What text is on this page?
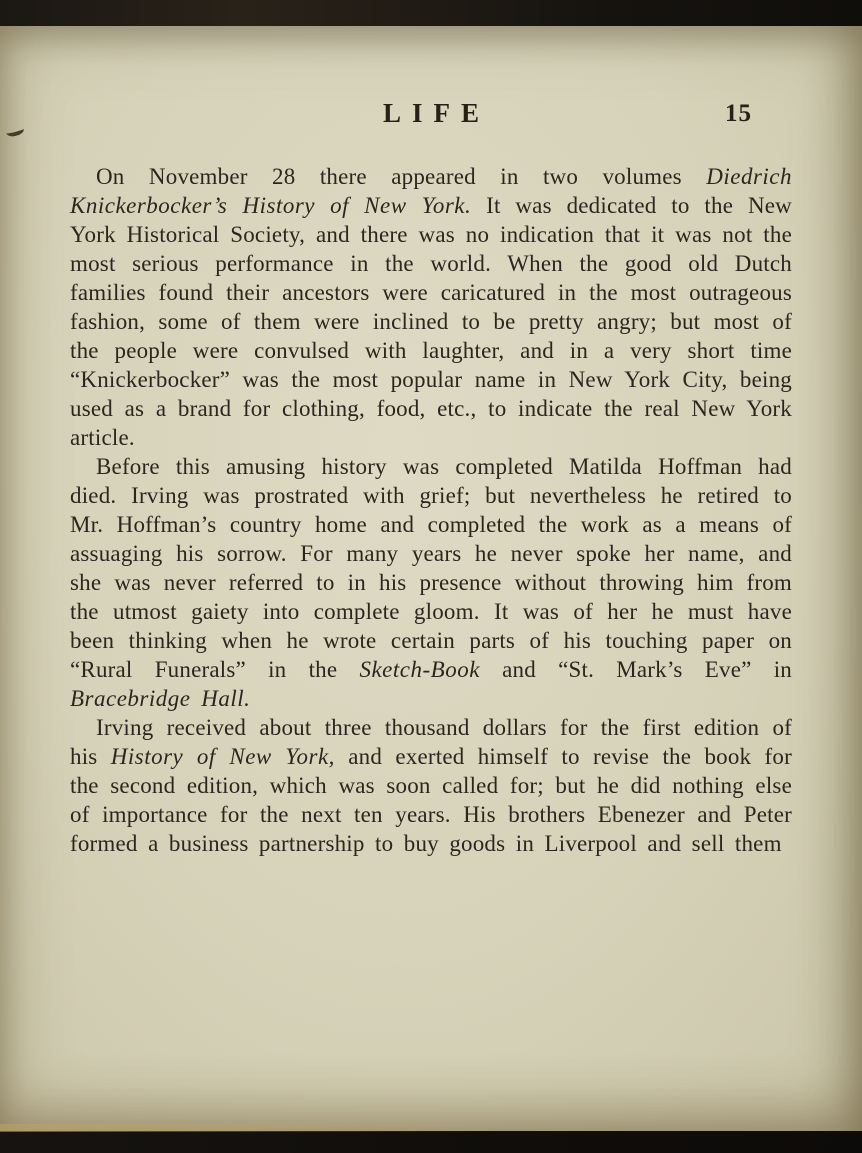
LIFE	15

On November 28 there appeared in two volumes Diedrich Knickerbocker’s History of New York. It was dedicated to the New York Historical Society, and there was no indication that it was not the most serious performance in the world. When the good old Dutch families found their ancestors were caricatured in the most outrageous fashion, some of them were inclined to be pretty angry; but most of the people were convulsed with laughter, and in a very short time “Knickerbocker” was the most popular name in New York City, being used as a brand for clothing, food, etc., to indicate the real New York article.

Before this amusing history was completed Matilda Hoffman had died. Irving was prostrated with grief; but nevertheless he retired to Mr. Hoffman’s country home and completed the work as a means of assuaging his sorrow. For many years he never spoke her name, and she was never referred to in his presence without throwing him from the utmost gaiety into complete gloom. It was of her he must have been thinking when he wrote certain parts of his touching paper on “Rural Funerals” in the Sketch-Book and “St. Mark’s Eve” in Bracebridge Hall.

Irving received about three thousand dollars for the first edition of his History of New York, and exerted himself to revise the book for the second edition, which was soon called for; but he did nothing else of importance for the next ten years. His brothers Ebenezer and Peter formed a business partnership to buy goods in Liverpool and sell them
